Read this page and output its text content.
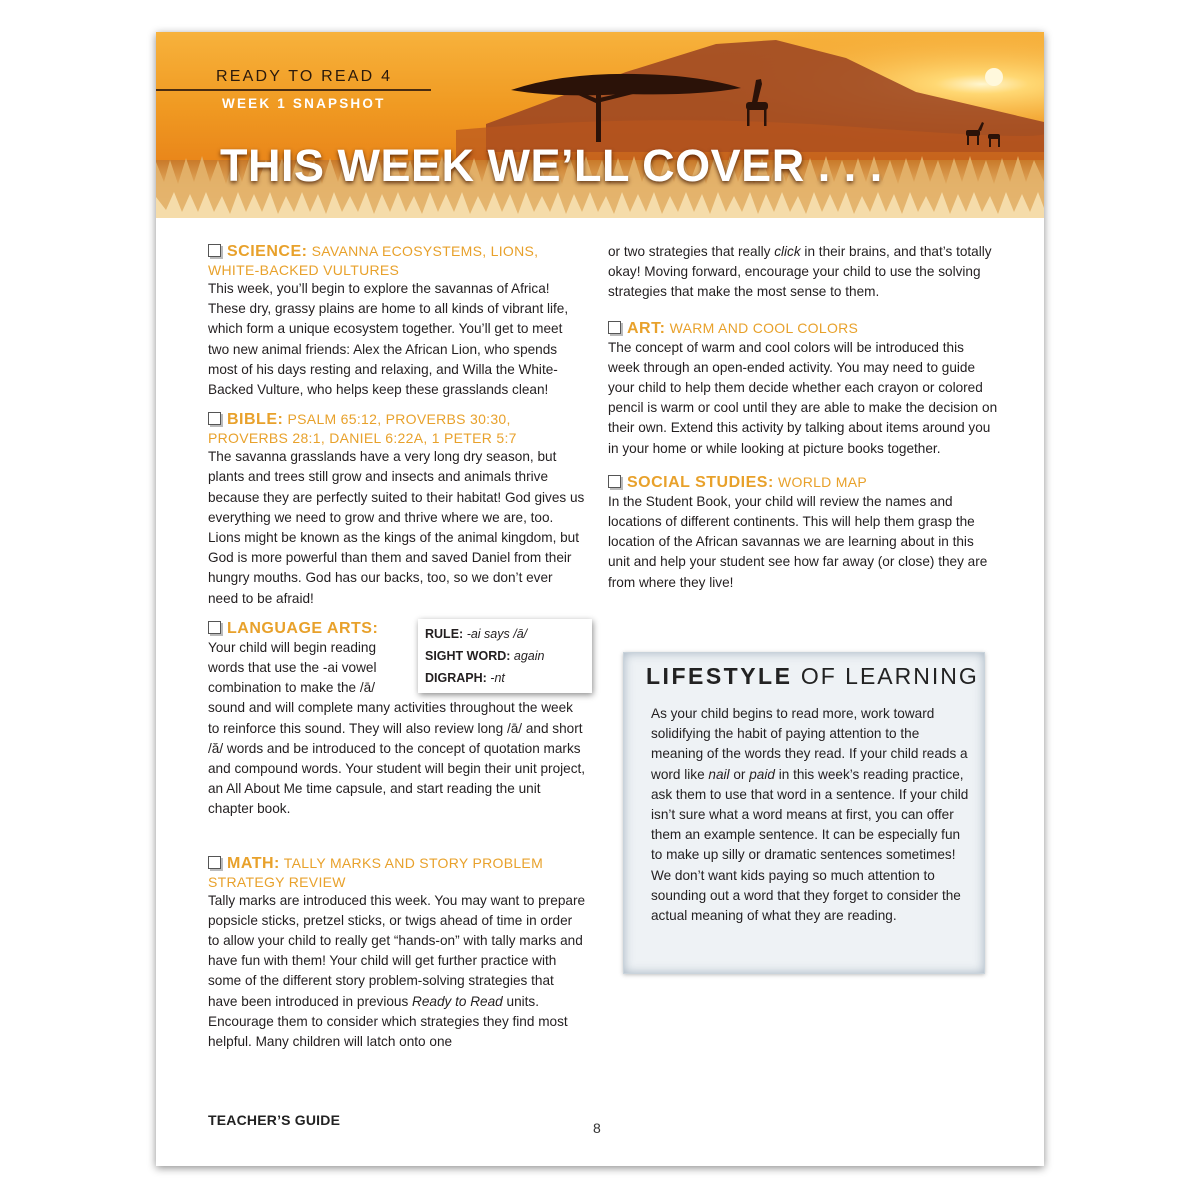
READY TO READ 4
WEEK 1 SNAPSHOT
THIS WEEK WE’LL COVER . . .
SCIENCE: SAVANNA ECOSYSTEMS, LIONS, WHITE-BACKED VULTURES

This week, you’ll begin to explore the savannas of Africa! These dry, grassy plains are home to all kinds of vibrant life, which form a unique ecosystem together. You’ll get to meet two new animal friends: Alex the African Lion, who spends most of his days resting and relaxing, and Willa the White-Backed Vulture, who helps keep these grasslands clean!

BIBLE: PSALM 65:12, PROVERBS 30:30, PROVERBS 28:1, DANIEL 6:22A, 1 PETER 5:7

The savanna grasslands have a very long dry season, but plants and trees still grow and insects and animals thrive because they are perfectly suited to their habitat! God gives us everything we need to grow and thrive where we are, too. Lions might be known as the kings of the animal kingdom, but God is more powerful than them and saved Daniel from their hungry mouths. God has our backs, too, so we don’t ever need to be afraid!

LANGUAGE ARTS:

Your child will begin reading words that use the -ai vowel combination to make the /ā/

sound and will complete many activities throughout the week to reinforce this sound. They will also review long /ā/ and short /ă/ words and be introduced to the concept of quotation marks and compound words. Your student will begin their unit project, an All About Me time capsule, and start reading the unit chapter book.

RULE: -ai says /ā/
SIGHT WORD: again
DIGRAPH: -nt
MATH: TALLY MARKS AND STORY PROBLEM STRATEGY REVIEW

Tally marks are introduced this week. You may want to prepare popsicle sticks, pretzel sticks, or twigs ahead of time in order to allow your child to really get “hands-on” with tally marks and have fun with them! Your child will get further practice with some of the different story problem-solving strategies that have been introduced in previous Ready to Read units. Encourage them to consider which strategies they find most helpful. Many children will latch onto one

or two strategies that really click in their brains, and that’s totally okay! Moving forward, encourage your child to use the solving strategies that make the most sense to them.

ART: WARM AND COOL COLORS

The concept of warm and cool colors will be introduced this week through an open-ended activity. You may need to guide your child to help them decide whether each crayon or colored pencil is warm or cool until they are able to make the decision on their own. Extend this activity by talking about items around you in your home or while looking at picture books together.

SOCIAL STUDIES: WORLD MAP

In the Student Book, your child will review the names and locations of different continents. This will help them grasp the location of the African savannas we are learning about in this unit and help your student see how far away (or close) they are from where they live!

LIFESTYLE OF LEARNING
As your child begins to read more, work toward solidifying the habit of paying attention to the meaning of the words they read. If your child reads a word like nail or paid in this week’s reading practice, ask them to use that word in a sentence. If your child isn’t sure what a word means at first, you can offer them an example sentence. It can be especially fun to make up silly or dramatic sentences sometimes! We don’t want kids paying so much attention to sounding out a word that they forget to consider the actual meaning of what they are reading.
TEACHER’S GUIDE	8
